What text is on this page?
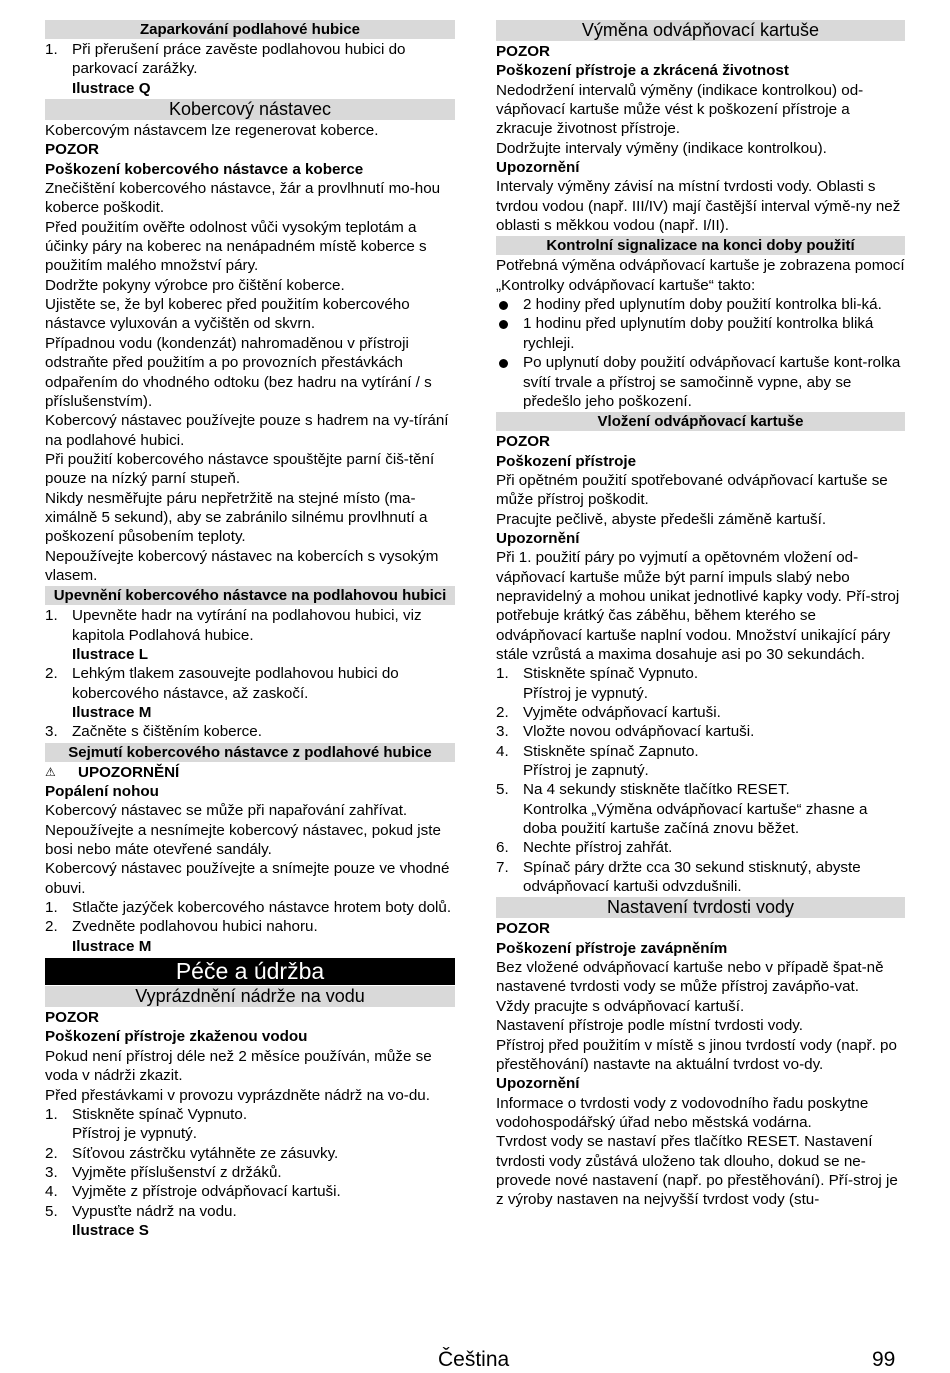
Zaparkování podlahové hubice
1. Při přerušení práce zavěste podlahovou hubici do parkovací zarážky.
Ilustrace Q
Kobercový nástavec

Kobercovým nástavcem lze regenerovat koberce.

POZOR

Poškození kobercového nástavce a koberce

Znečištění kobercového nástavce, žár a provlhnutí mo-hou koberce poškodit.

Před použitím ověřte odolnost vůči vysokým teplotám a účinky páry na koberec na nenápadném místě koberce s použitím malého množství páry.

Dodržte pokyny výrobce pro čištění koberce.

Ujistěte se, že byl koberec před použitím kobercového nástavce vyluxován a vyčištěn od skvrn.

Případnou vodu (kondenzát) nahromaděnou v přístroji odstraňte před použitím a po provozních přestávkách odpařením do vhodného odtoku (bez hadru na vytírání / s příslušenstvím).

Kobercový nástavec používejte pouze s hadrem na vy-tírání na podlahové hubici.

Při použití kobercového nástavce spouštějte parní čiš-tění pouze na nízký parní stupeň.

Nikdy nesměřujte páru nepřetržitě na stejné místo (ma-ximálně 5 sekund), aby se zabránilo silnému provlhnutí a poškození působením teploty.

Nepoužívejte kobercový nástavec na kobercích s vysokým vlasem.

Upevnění kobercového nástavce na podlahovou hubici
1. Upevněte hadr na vytírání na podlahovou hubici, viz kapitola Podlahová hubice.
Ilustrace L
2. Lehkým tlakem zasouvejte podlahovou hubici do kobercového nástavce, až zaskočí.
Ilustrace M
3. Začněte s čištěním koberce.
Sejmutí kobercového nástavce z podlahové hubice
⚠	UPOZORNĚNÍ

Popálení nohou

Kobercový nástavec se může při napařování zahřívat. Nepoužívejte a nesnímejte kobercový nástavec, pokud jste bosi nebo máte otevřené sandály.

Kobercový nástavec používejte a snímejte pouze ve vhodné obuvi.

1. Stlačte jazýček kobercového nástavce hrotem boty dolů.
2. Zvedněte podlahovou hubici nahoru.
Ilustrace M
Péče a údržba
Vyprázdnění nádrže na vodu

POZOR

Poškození přístroje zkaženou vodou

Pokud není přístroj déle než 2 měsíce používán, může se voda v nádrži zkazit.

Před přestávkami v provozu vyprázdněte nádrž na vo-du.

1. Stiskněte spínač Vypnuto.
Přístroj je vypnutý.
2. Síťovou zástrčku vytáhněte ze zásuvky.
3. Vyjměte příslušenství z držáků.
4. Vyjměte z přístroje odvápňovací kartuši.
5. Vypusťte nádrž na vodu.
Ilustrace S
Výměna odvápňovací kartuše

POZOR

Poškození přístroje a zkrácená životnost

Nedodržení intervalů výměny (indikace kontrolkou) od-vápňovací kartuše může vést k poškození přístroje a zkracuje životnost přístroje.

Dodržujte intervaly výměny (indikace kontrolkou).

Upozornění

Intervaly výměny závisí na místní tvrdosti vody. Oblasti s tvrdou vodou (např. III/IV) mají častější interval výmě-ny než oblasti s měkkou vodou (např. I/II).

Kontrolní signalizace na konci doby použití

Potřebná výměna odvápňovací kartuše je zobrazena pomocí „Kontrolky odvápňovací kartuše“ takto:

2 hodiny před uplynutím doby použití kontrolka bli-ká.
1 hodinu před uplynutím doby použití kontrolka bliká rychleji.
Po uplynutí doby použití odvápňovací kartuše kont-rolka svítí trvale a přístroj se samočinně vypne, aby se předešlo jeho poškození.
Vložení odvápňovací kartuše

POZOR

Poškození přístroje

Při opětném použití spotřebované odvápňovací kartuše se může přístroj poškodit.

Pracujte pečlivě, abyste předešli záměně kartuší.

Upozornění

Při 1. použití páry po vyjmutí a opětovném vložení od-vápňovací kartuše může být parní impuls slabý nebo nepravidelný a mohou unikat jednotlivé kapky vody. Pří-stroj potřebuje krátký čas záběhu, během kterého se odvápňovací kartuše naplní vodou. Množství unikající páry stále vzrůstá a maxima dosahuje asi po 30 sekundách.

1. Stiskněte spínač Vypnuto.
Přístroj je vypnutý.
2. Vyjměte odvápňovací kartuši.
3. Vložte novou odvápňovací kartuši.
4. Stiskněte spínač Zapnuto.
Přístroj je zapnutý.
5. Na 4 sekundy stiskněte tlačítko RESET.
Kontrolka „Výměna odvápňovací kartuše“ zhasne a doba použití kartuše začíná znovu běžet.
6. Nechte přístroj zahřát.
7. Spínač páry držte cca 30 sekund stisknutý, abyste odvápňovací kartuši odvzdušnili.
Nastavení tvrdosti vody

POZOR

Poškození přístroje zavápněním

Bez vložené odvápňovací kartuše nebo v případě špat-ně nastavené tvrdosti vody se může přístroj zavápňo-vat.

Vždy pracujte s odvápňovací kartuší.

Nastavení přístroje podle místní tvrdosti vody.

Přístroj před použitím v místě s jinou tvrdostí vody (např. po přestěhování) nastavte na aktuální tvrdost vo-dy.

Upozornění

Informace o tvrdosti vody z vodovodního řadu poskytne vodohospodářský úřad nebo městská vodárna.

Tvrdost vody se nastaví přes tlačítko RESET. Nastavení tvrdosti vody zůstává uloženo tak dlouho, dokud se ne-provede nové nastavení (např. po přestěhování). Pří-stroj je z výroby nastaven na nejvyšší tvrdost vody (stu-

Čeština	99
